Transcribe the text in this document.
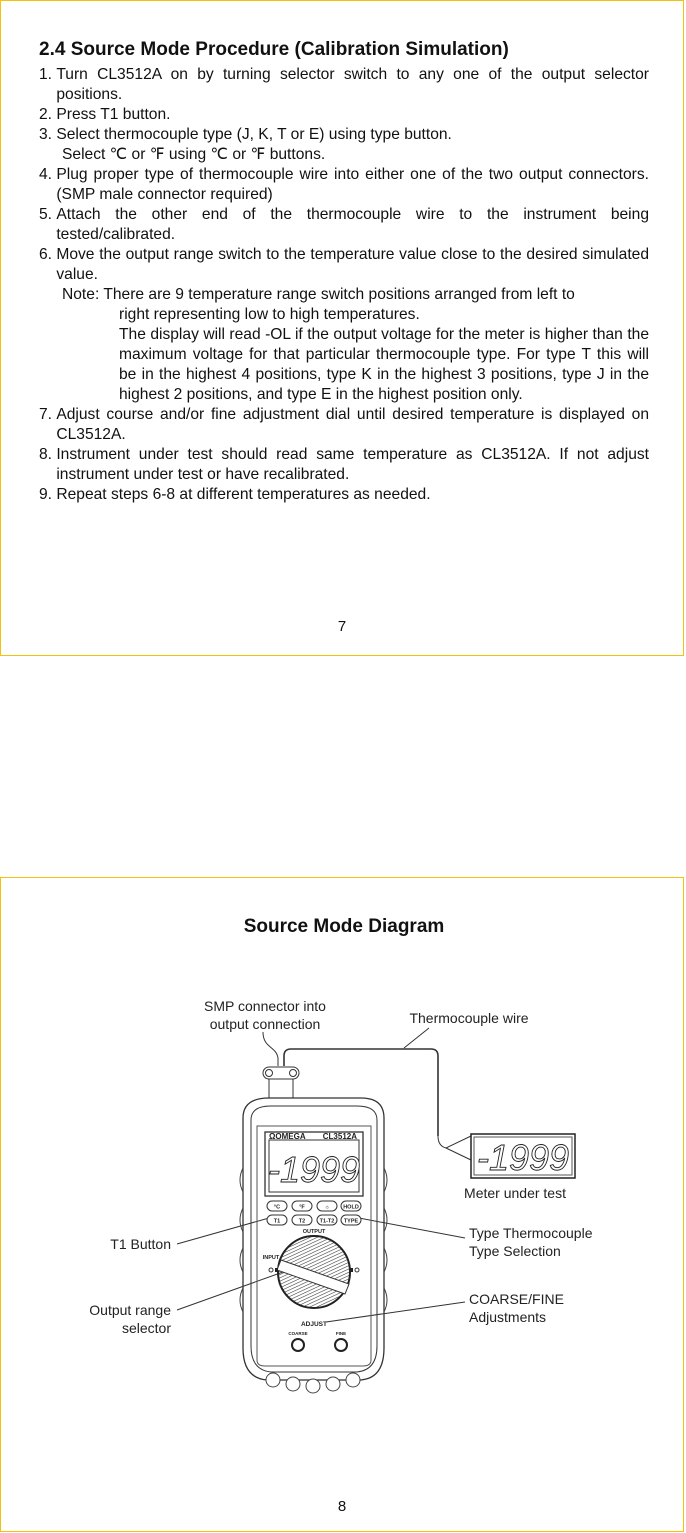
2.4 Source Mode Procedure (Calibration Simulation)
1. Turn CL3512A on by turning selector switch to any one of the output selector positions.
2. Press T1 button.
3. Select thermocouple type (J, K, T or E) using type button.
Select ℃ or ℉ using ℃ or ℉ buttons.
4. Plug proper type of thermocouple wire into either one of the two output connectors. (SMP male connector required)
5. Attach the other end of the thermocouple wire to the instrument being tested/calibrated.
6. Move the output range switch to the temperature value close to the desired simulated value.
Note: There are 9 temperature range switch positions arranged from left to
right representing low to high temperatures.
The display will read -OL if the output voltage for the meter is higher than the maximum voltage for that particular thermocouple type. For type T this will be in the highest 4 positions, type K in the highest 3 positions, type J in the highest 2 positions, and type E in the highest position only.
7. Adjust course and/or fine adjustment dial until desired temperature is displayed on CL3512A.
8. Instrument under test should read same temperature as CL3512A. If not adjust instrument under test or have recalibrated.
9. Repeat steps 6-8 at different temperatures as needed.
7
Source Mode Diagram
SMP connector into
output connection	Thermocouple wire
Meter under test
T1 Button
Output range
selector
Type Thermocouple
Type Selection
COARSE/FINE
Adjustments
ΩOMEGA CL3512A
-1999
°C	°F	☼ HOLD
T1	T2	T1-T2 TYPE
OUTPUT
INPUT
ADJUST
COARSE	FINE
-1999
8
